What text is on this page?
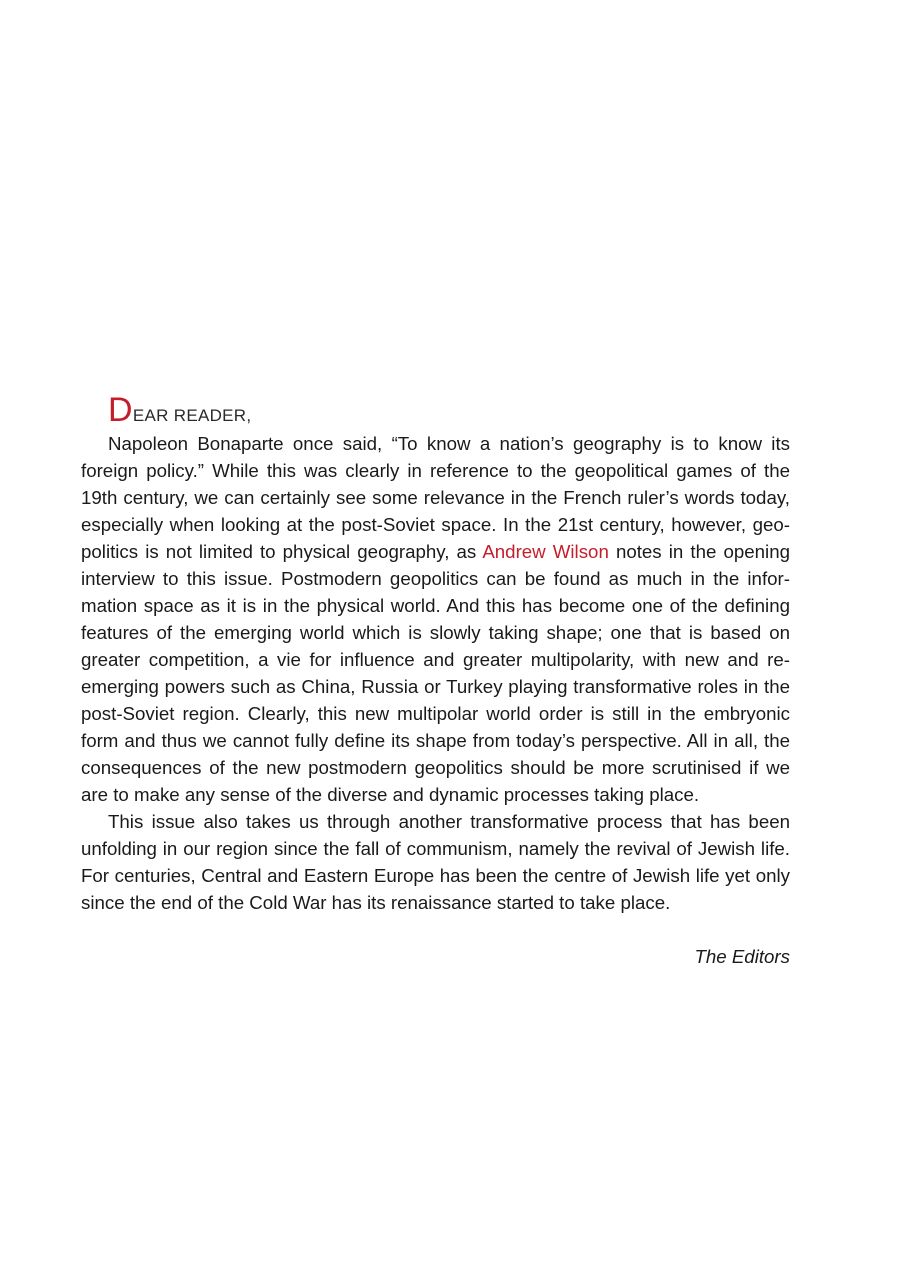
DEAR READER,

Napoleon Bonaparte once said, “To know a nation’s geography is to know its foreign policy.” While this was clearly in reference to the geopolitical games of the 19th century, we can certainly see some relevance in the French ruler’s words today, especially when looking at the post-Soviet space. In the 21st century, however, geo-politics is not limited to physical geography, as Andrew Wilson notes in the opening interview to this issue. Postmodern geopolitics can be found as much in the infor-mation space as it is in the physical world. And this has become one of the defining features of the emerging world which is slowly taking shape; one that is based on greater competition, a vie for influence and greater multipolarity, with new and re-emerging powers such as China, Russia or Turkey playing transformative roles in the post-Soviet region. Clearly, this new multipolar world order is still in the embryonic form and thus we cannot fully define its shape from today’s perspective. All in all, the consequences of the new postmodern geopolitics should be more scrutinised if we are to make any sense of the diverse and dynamic processes taking place.

This issue also takes us through another transformative process that has been unfolding in our region since the fall of communism, namely the revival of Jewish life. For centuries, Central and Eastern Europe has been the centre of Jewish life yet only since the end of the Cold War has its renaissance started to take place.

The Editors
